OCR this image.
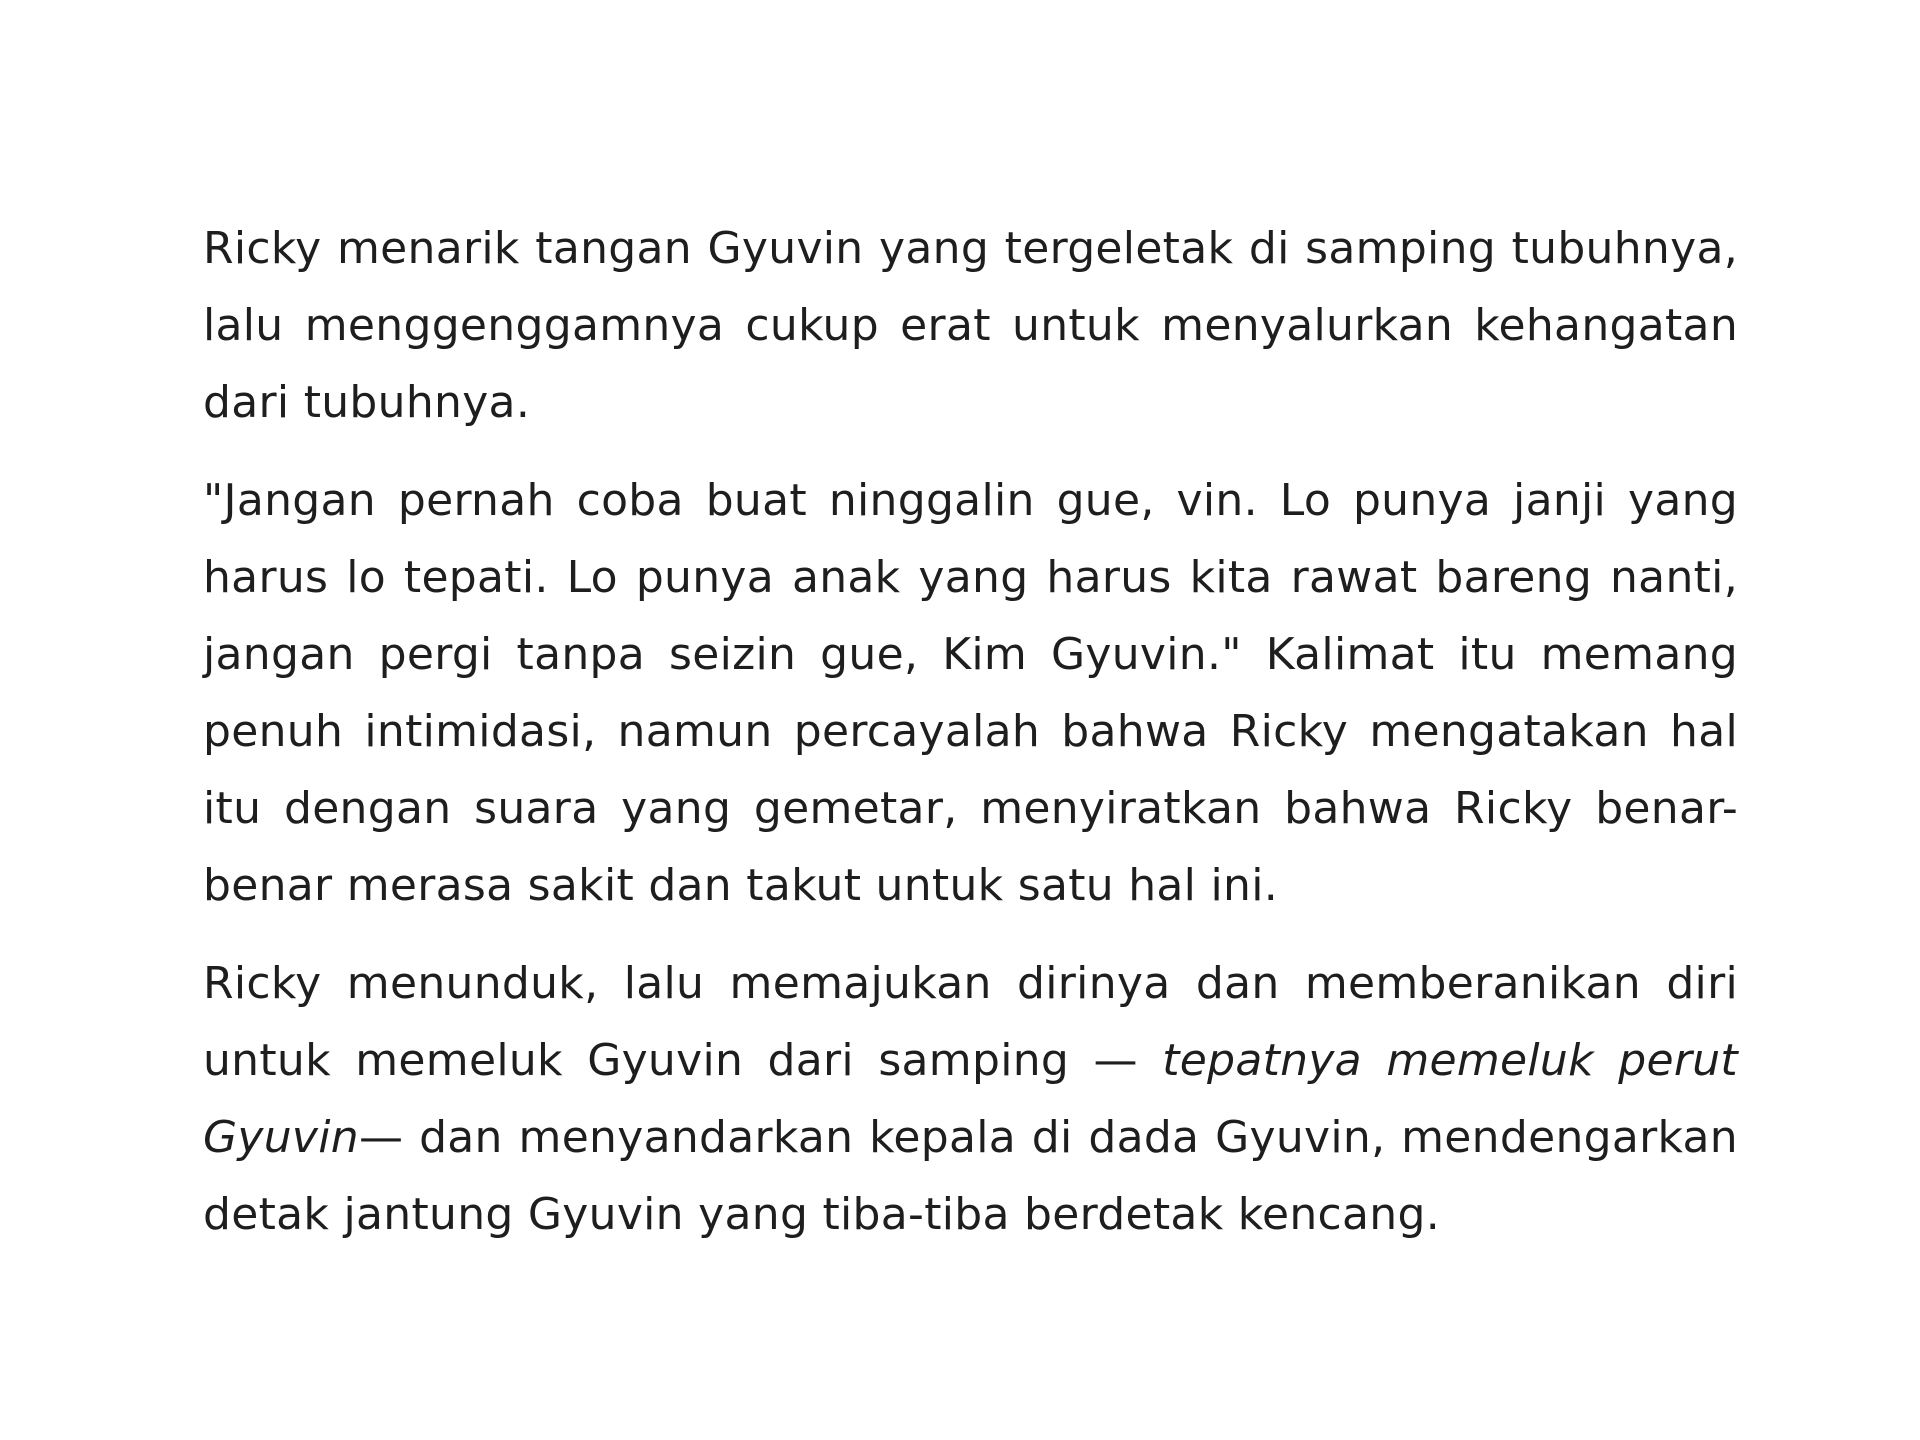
Ricky menarik tangan Gyuvin yang tergeletak di samping tubuhnya, lalu menggenggamnya cukup erat untuk menyalurkan kehangatan dari tubuhnya.

"Jangan pernah coba buat ninggalin gue, vin. Lo punya janji yang harus lo tepati. Lo punya anak yang harus kita rawat bareng nanti, jangan pergi tanpa seizin gue, Kim Gyuvin." Kalimat itu memang penuh intimidasi, namun percayalah bahwa Ricky mengatakan hal itu dengan suara yang gemetar, menyiratkan bahwa Ricky benar-benar merasa sakit dan takut untuk satu hal ini.

Ricky menunduk, lalu memajukan dirinya dan memberanikan diri untuk memeluk Gyuvin dari samping — tepatnya memeluk perut Gyuvin— dan menyandarkan kepala di dada Gyuvin, mendengarkan detak jantung Gyuvin yang tiba-tiba berdetak kencang.
